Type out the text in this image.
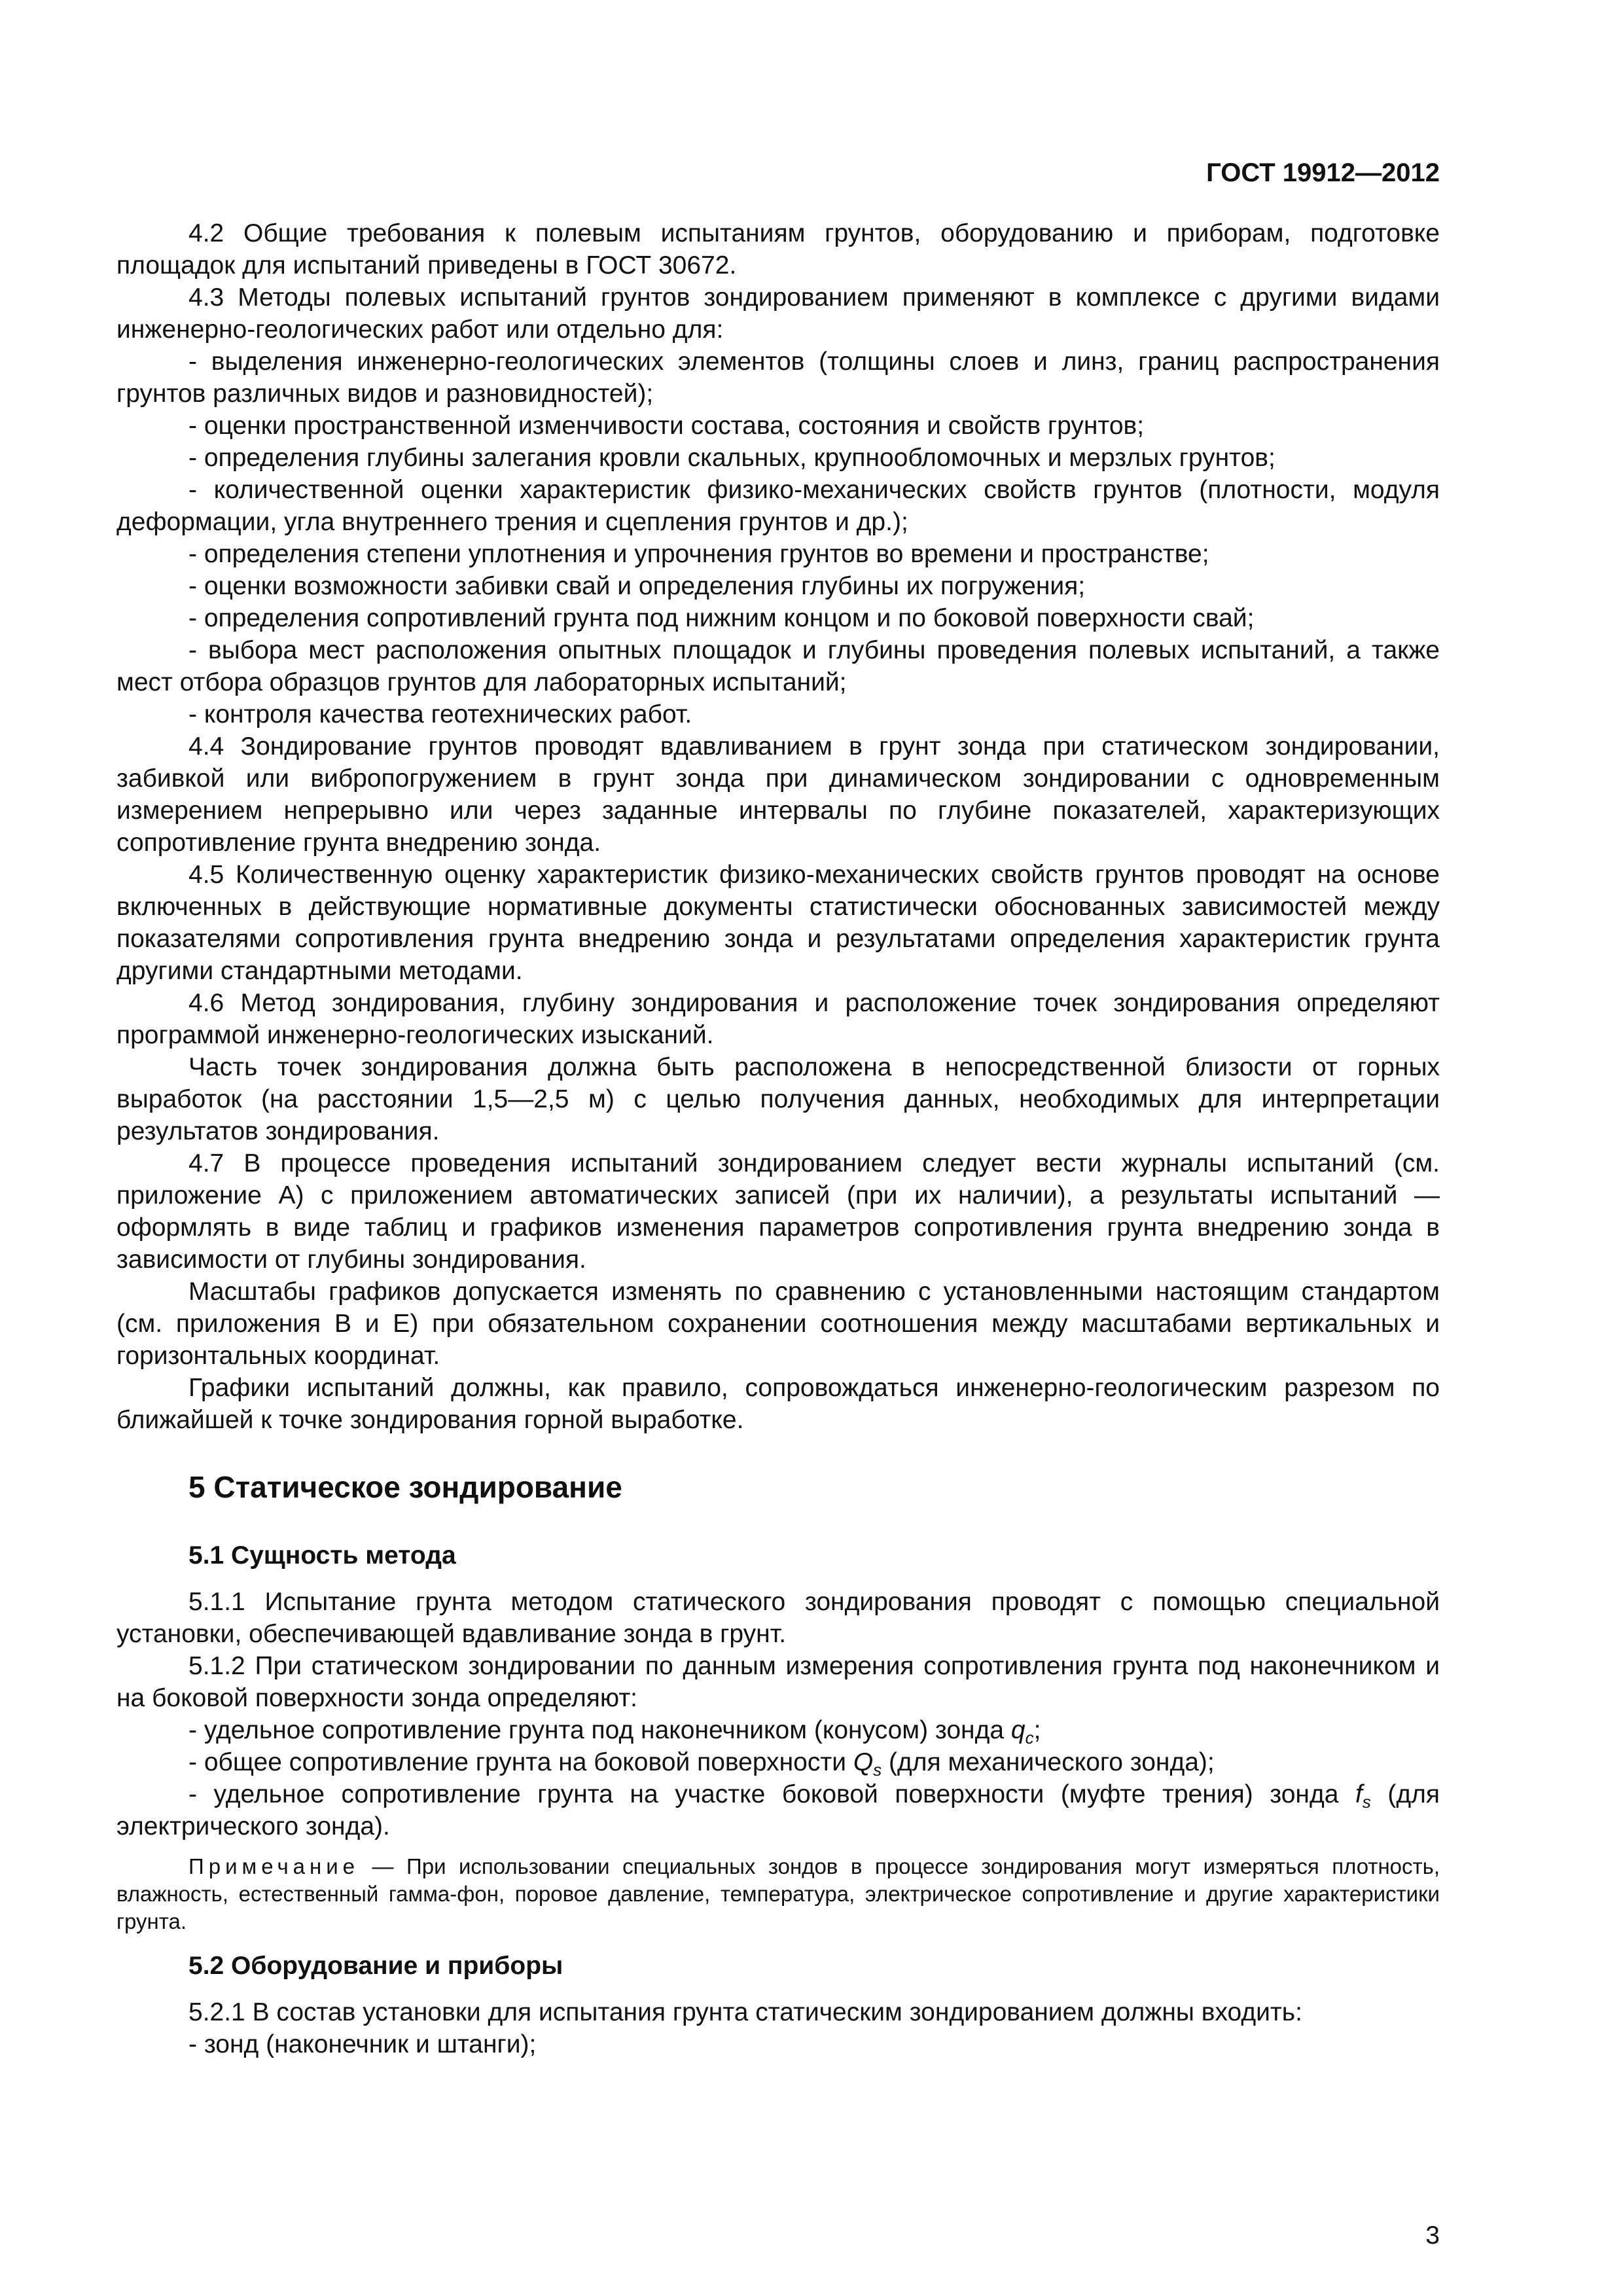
ГОСТ 19912—2012

4.2 Общие требования к полевым испытаниям грунтов, оборудованию и приборам, подготовке площадок для испытаний приведены в ГОСТ 30672.

4.3 Методы полевых испытаний грунтов зондированием применяют в комплексе с другими видами инженерно-геологических работ или отдельно для:

- выделения инженерно-геологических элементов (толщины слоев и линз, границ распространения грунтов различных видов и разновидностей);

- оценки пространственной изменчивости состава, состояния и свойств грунтов;

- определения глубины залегания кровли скальных, крупнообломочных и мерзлых грунтов;

- количественной оценки характеристик физико-механических свойств грунтов (плотности, модуля деформации, угла внутреннего трения и сцепления грунтов и др.);

- определения степени уплотнения и упрочнения грунтов во времени и пространстве;

- оценки возможности забивки свай и определения глубины их погружения;

- определения сопротивлений грунта под нижним концом и по боковой поверхности свай;

- выбора мест расположения опытных площадок и глубины проведения полевых испытаний, а также мест отбора образцов грунтов для лабораторных испытаний;

- контроля качества геотехнических работ.

4.4 Зондирование грунтов проводят вдавливанием в грунт зонда при статическом зондировании, забивкой или вибропогружением в грунт зонда при динамическом зондировании с одновременным измерением непрерывно или через заданные интервалы по глубине показателей, характеризующих сопротивление грунта внедрению зонда.

4.5 Количественную оценку характеристик физико-механических свойств грунтов проводят на основе включенных в действующие нормативные документы статистически обоснованных зависимостей между показателями сопротивления грунта внедрению зонда и результатами определения характеристик грунта другими стандартными методами.

4.6 Метод зондирования, глубину зондирования и расположение точек зондирования определяют программой инженерно-геологических изысканий.

Часть точек зондирования должна быть расположена в непосредственной близости от горных выработок (на расстоянии 1,5—2,5 м) с целью получения данных, необходимых для интерпретации результатов зондирования.

4.7 В процессе проведения испытаний зондированием следует вести журналы испытаний (см. приложение А) с приложением автоматических записей (при их наличии), а результаты испытаний — оформлять в виде таблиц и графиков изменения параметров сопротивления грунта внедрению зонда в зависимости от глубины зондирования.

Масштабы графиков допускается изменять по сравнению с установленными настоящим стандартом (см. приложения В и Е) при обязательном сохранении соотношения между масштабами вертикальных и горизонтальных координат.

Графики испытаний должны, как правило, сопровождаться инженерно-геологическим разрезом по ближайшей к точке зондирования горной выработке.

5 Статическое зондирование
5.1 Сущность метода

5.1.1 Испытание грунта методом статического зондирования проводят с помощью специальной установки, обеспечивающей вдавливание зонда в грунт.

5.1.2 При статическом зондировании по данным измерения сопротивления грунта под наконечником и на боковой поверхности зонда определяют:

- удельное сопротивление грунта под наконечником (конусом) зонда $q_c$;

- общее сопротивление грунта на боковой поверхности $Q_s$ (для механического зонда);

- удельное сопротивление грунта на участке боковой поверхности (муфте трения) зонда $f_s$ (для электрического зонда).

Примечание — При использовании специальных зондов в процессе зондирования могут измеряться плотность, влажность, естественный гамма-фон, поровое давление, температура, электрическое сопротивление и другие характеристики грунта.

5.2 Оборудование и приборы

5.2.1 В состав установки для испытания грунта статическим зондированием должны входить:

- зонд (наконечник и штанги);

3
